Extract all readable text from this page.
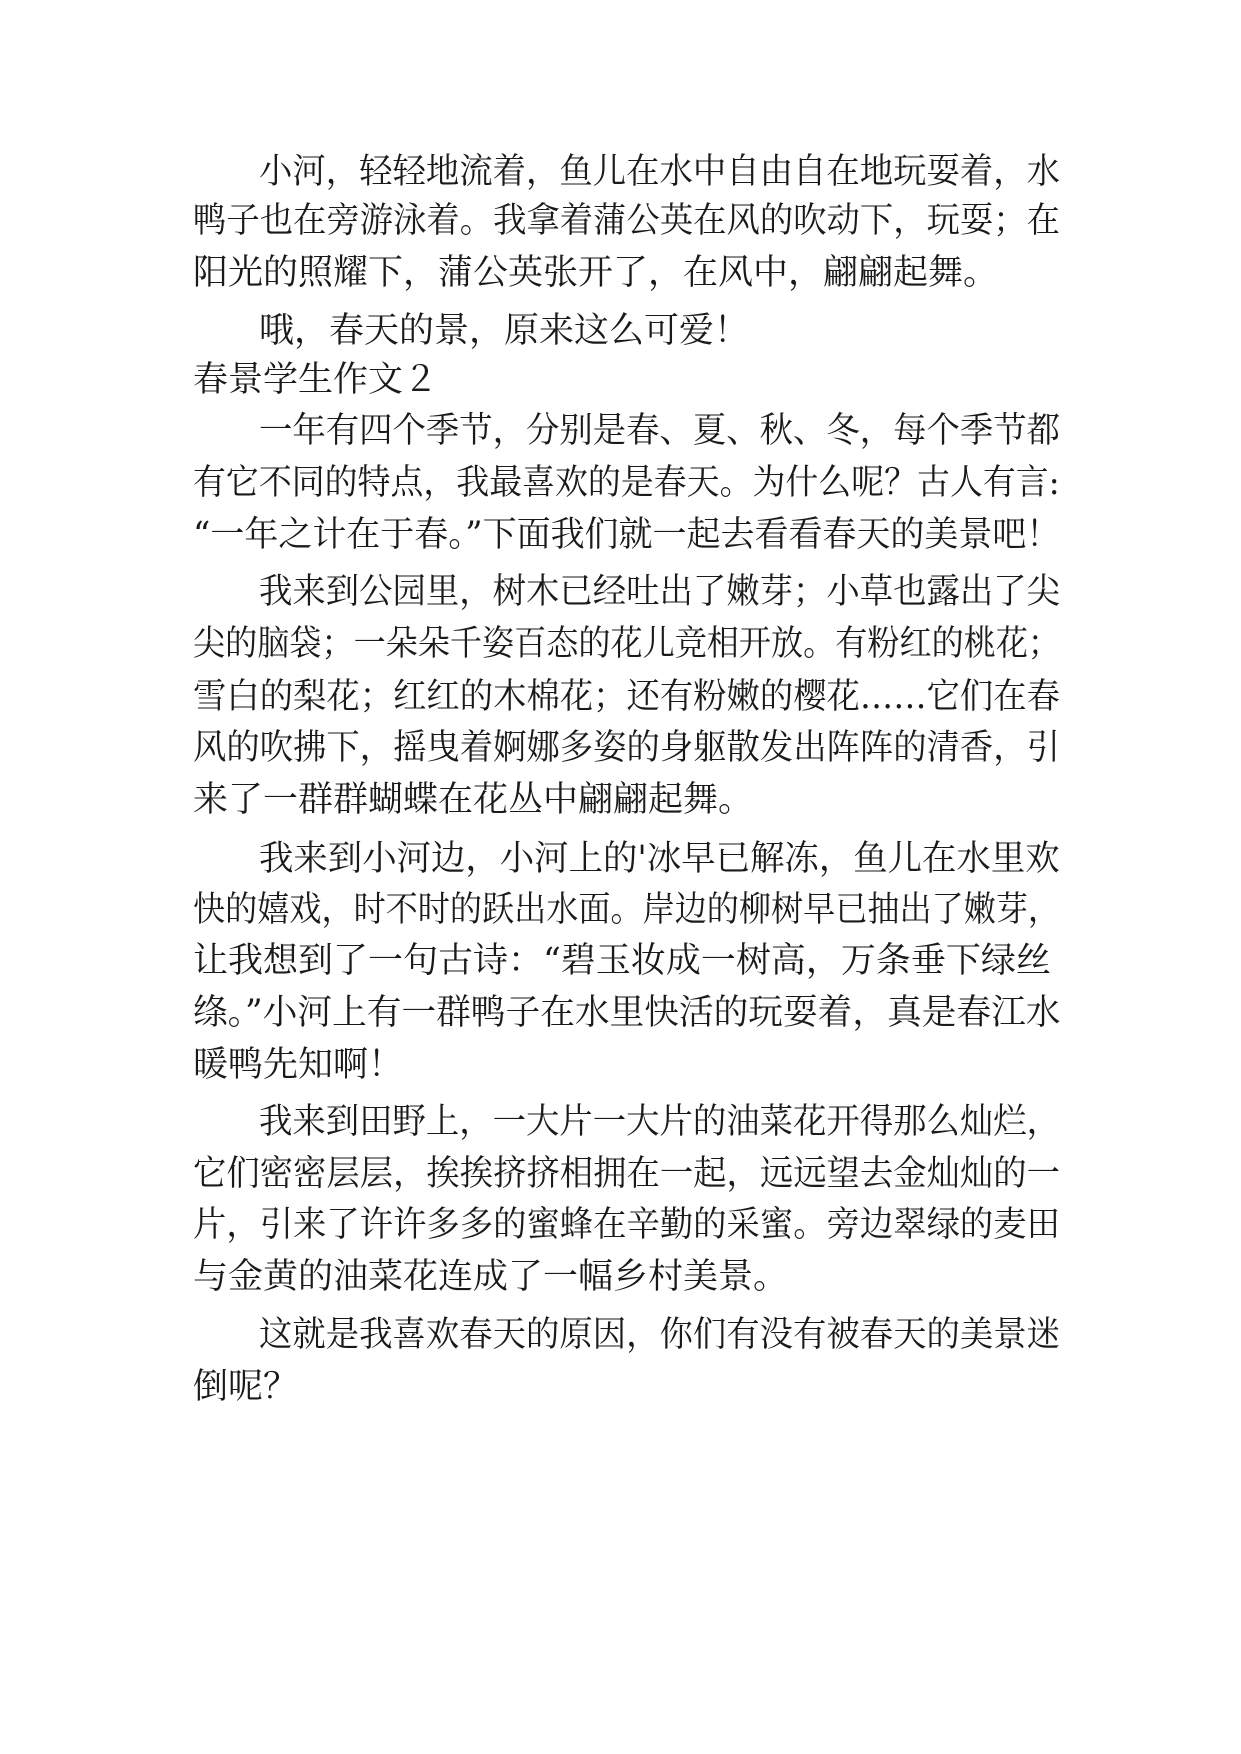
小河，轻轻地流着，鱼儿在水中自由自在地玩耍着，水
鸭子也在旁游泳着。我拿着蒲公英在风的吹动下，玩耍；在
阳光的照耀下，蒲公英张开了，在风中，翩翩起舞。
哦，春天的景，原来这么可爱！
春景学生作文２
一年有四个季节，分别是春、夏、秋、冬，每个季节都
有它不同的特点，我最喜欢的是春天。为什么呢？古人有言:
“一年之计在于春。”下面我们就一起去看看春天的美景吧！
我来到公园里，树木已经吐出了嫩芽；小草也露出了尖
尖的脑袋；一朵朵千姿百态的花儿竞相开放。有粉红的桃花；
雪白的梨花；红红的木棉花；还有粉嫩的樱花……它们在春
风的吹拂下，摇曳着婀娜多姿的身躯散发出阵阵的清香，引
来了一群群蝴蝶在花丛中翩翩起舞。
我来到小河边，小河上的'冰早已解冻，鱼儿在水里欢
快的嬉戏，时不时的跃出水面。岸边的柳树早已抽出了嫩芽，
让我想到了一句古诗：“碧玉妆成一树高，万条垂下绿丝
绦。”小河上有一群鸭子在水里快活的玩耍着，真是春江水
暖鸭先知啊！
我来到田野上，一大片一大片的油菜花开得那么灿烂，
它们密密层层，挨挨挤挤相拥在一起，远远望去金灿灿的一
片，引来了许许多多的蜜蜂在辛勤的采蜜。旁边翠绿的麦田
与金黄的油菜花连成了一幅乡村美景。
这就是我喜欢春天的原因，你们有没有被春天的美景迷
倒呢？
